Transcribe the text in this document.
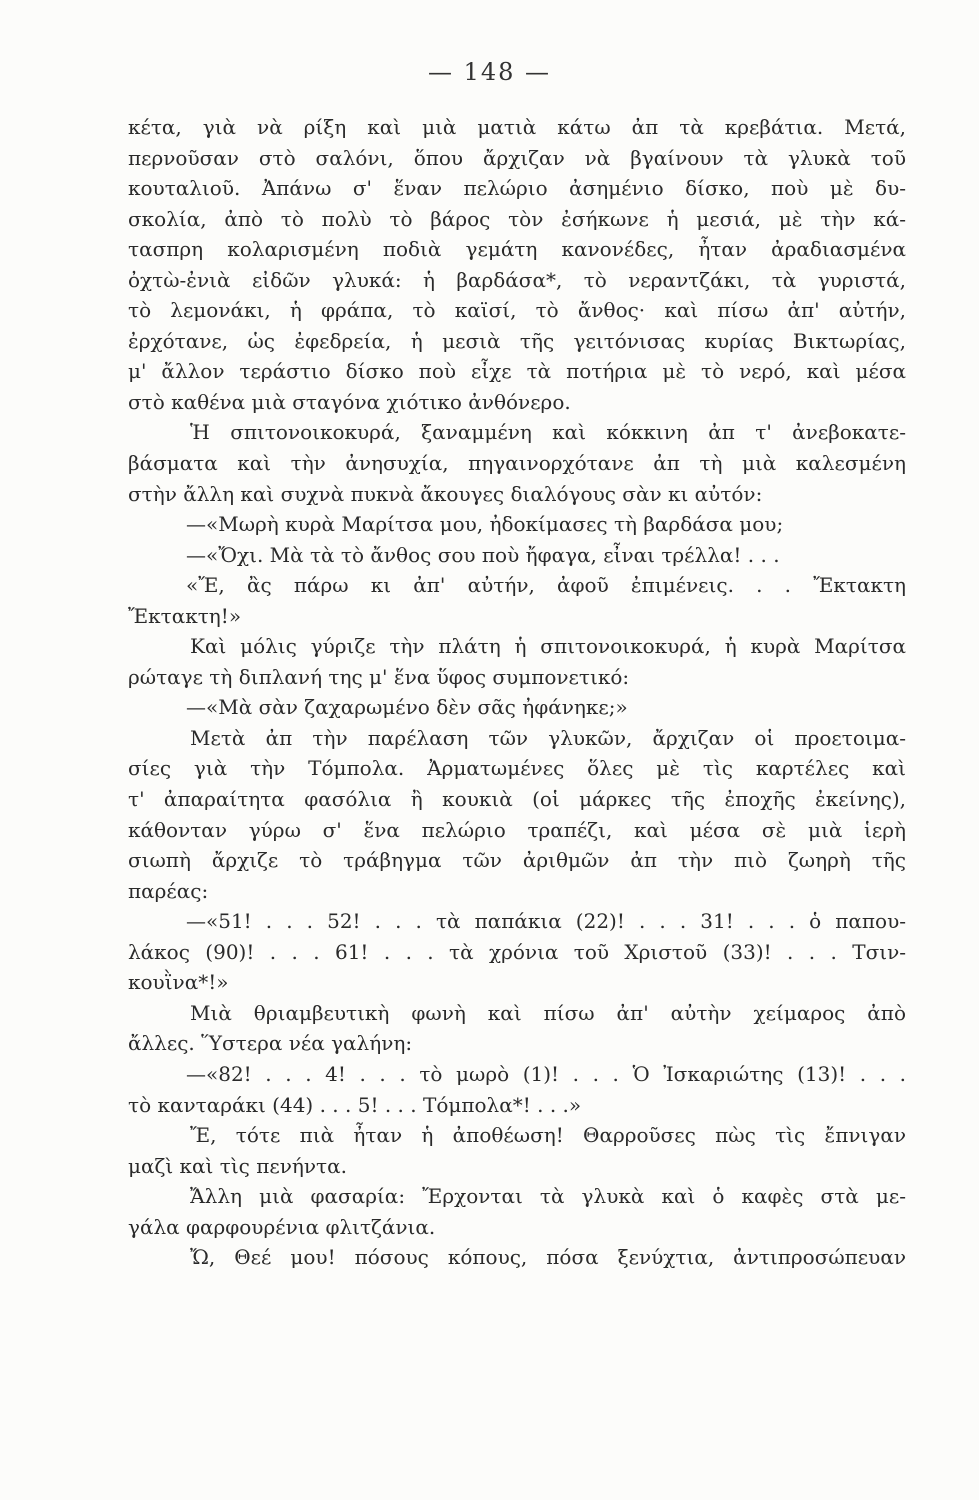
— 148 —
κέτα, γιὰ νὰ ρίξη καὶ μιὰ ματιὰ κάτω ἀπ τὰ κρεβάτια. Μετά,
περνοῦσαν στὸ σαλόνι, ὅπου ἄρχιζαν νὰ βγαίνουν τὰ γλυκὰ τοῦ
κουταλιοῦ. Ἀπάνω σ' ἕναν πελώριο ἀσημένιο δίσκο, ποὺ μὲ δυ-
σκολία, ἀπὸ τὸ πολὺ τὸ βάρος τὸν ἐσήκωνε ἡ μεσιά, μὲ τὴν κά-
τασπρη κολαρισμένη ποδιὰ γεμάτη κανονέδες, ἦταν ἀραδιασμένα
ὀχτὼ-ἐνιὰ εἰδῶν γλυκά: ἡ βαρδάσα*, τὸ νεραντζάκι, τὰ γυριστά,
τὸ λεμονάκι, ἡ φράπα, τὸ καϊσί, τὸ ἄνθος· καὶ πίσω ἀπ' αὐτήν,
ἐρχότανε, ὡς ἐφεδρεία, ἡ μεσιὰ τῆς γειτόνισας κυρίας Βικτωρίας,
μ' ἄλλον τεράστιο δίσκο ποὺ εἶχε τὰ ποτήρια μὲ τὸ νερό, καὶ μέσα
στὸ καθένα μιὰ σταγόνα χιότικο ἀνθόνερο.
Ἡ σπιτονοικοκυρά, ξαναμμένη καὶ κόκκινη ἀπ τ' ἀνεβοκατε-
βάσματα καὶ τὴν ἀνησυχία, πηγαινορχότανε ἀπ τὴ μιὰ καλεσμένη
στὴν ἄλλη καὶ συχνὰ πυκνὰ ἄκουγες διαλόγους σὰν κι αὐτόν:
—«Μωρὴ κυρὰ Μαρίτσα μου, ἠδοκίμασες τὴ βαρδάσα μου;
—«Ὄχι. Μὰ τὰ τὸ ἄνθος σου ποὺ ἤφαγα, εἶναι τρέλλα! . . .
«Ἔ, ἂς πάρω κι ἀπ' αὐτήν, ἀφοῦ ἐπιμένεις. . . Ἔκτακτη
Ἔκτακτη!»
Καὶ μόλις γύριζε τὴν πλάτη ἡ σπιτονοικοκυρά, ἡ κυρὰ Μαρίτσα
ρώταγε τὴ διπλανή της μ' ἕνα ὕφος συμπονετικό:
—«Μὰ σὰν ζαχαρωμένο δὲν σᾶς ἠφάνηκε;»
Μετὰ ἀπ τὴν παρέλαση τῶν γλυκῶν, ἄρχιζαν οἱ προετοιμα-
σίες γιὰ τὴν Τόμπολα. Ἀρματωμένες ὅλες μὲ τὶς καρτέλες καὶ
τ' ἀπαραίτητα φασόλια ἢ κουκιὰ (οἱ μάρκες τῆς ἐποχῆς ἐκείνης),
κάθονταν γύρω σ' ἕνα πελώριο τραπέζι, καὶ μέσα σὲ μιὰ ἱερὴ
σιωπὴ ἄρχιζε τὸ τράβηγμα τῶν ἀριθμῶν ἀπ τὴν πιὸ ζωηρὴ τῆς
παρέας:
—«51! . . . 52! . . . τὰ παπάκια (22)! . . . 31! . . . ὁ παπου-
λάκος (90)! . . . 61! . . . τὰ χρόνια τοῦ Χριστοῦ (33)! . . . Τσιν-
κουῒνα*!»
Μιὰ θριαμβευτικὴ φωνὴ καὶ πίσω ἀπ' αὐτὴν χείμαρος ἀπὸ
ἄλλες. Ὕστερα νέα γαλήνη:
—«82! . . . 4! . . . τὸ μωρὸ (1)! . . . Ὁ Ἰσκαριώτης (13)! . . .
τὸ κανταράκι (44) . . . 5! . . . Τόμπολα*! . . .»
Ἔ, τότε πιὰ ἦταν ἡ ἀποθέωση! Θαρροῦσες πὼς τὶς ἔπνιγαν
μαζὶ καὶ τὶς πενήντα.
Ἄλλη μιὰ φασαρία: Ἔρχονται τὰ γλυκὰ καὶ ὁ καφὲς στὰ με-
γάλα φαρφουρένια φλιτζάνια.
Ὤ, Θεέ μου! πόσους κόπους, πόσα ξενύχτια, ἀντιπροσώπευαν
